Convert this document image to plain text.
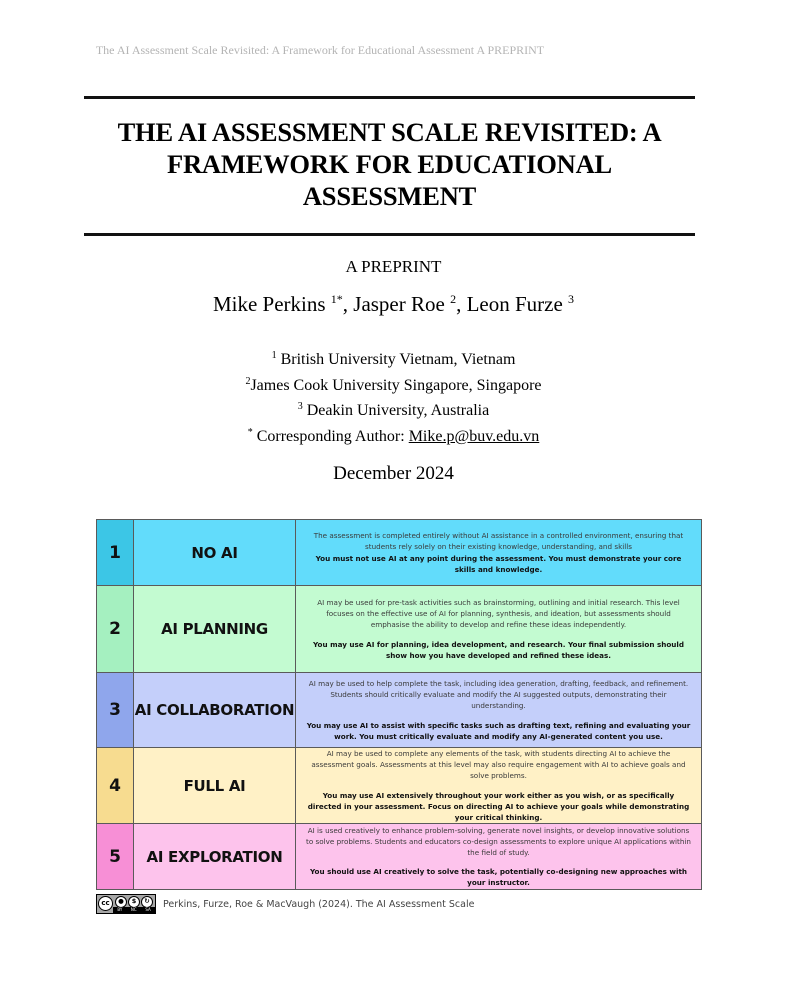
The AI Assessment Scale Revisited: A Framework for Educational Assessment A PREPRINT
THE AI ASSESSMENT SCALE REVISITED: A FRAMEWORK FOR EDUCATIONAL ASSESSMENT
A PREPRINT
Mike Perkins $^{1*}$, Jasper Roe $^2$, Leon Furze $^3$
$^1$ British University Vietnam, Vietnam
$^2$James Cook University Singapore, Singapore
$^3$ Deakin University, Australia
* Corresponding Author: Mike.p@buv.edu.vn
December 2024
1	NO AI	The assessment is completed entirely without AI assistance in a controlled environment, ensuring that students rely solely on their existing knowledge, understanding, and skills
You must not use AI at any point during the assessment. You must demonstrate your core skills and knowledge.

2	AI PLANNING	AI may be used for pre-task activities such as brainstorming, outlining and initial research. This level focuses on the effective use of AI for planning, synthesis, and ideation, but assessments should emphasise the ability to develop and refine these ideas independently.
You may use AI for planning, idea development, and research. Your final submission should show how you have developed and refined these ideas.

3	AI COLLABORATION	AI may be used to help complete the task, including idea generation, drafting, feedback, and refinement. Students should critically evaluate and modify the AI suggested outputs, demonstrating their understanding.
You may use AI to assist with specific tasks such as drafting text, refining and evaluating your work. You must critically evaluate and modify any AI-generated content you use.

4	FULL AI	AI may be used to complete any elements of the task, with students directing AI to achieve the assessment goals. Assessments at this level may also require engagement with AI to achieve goals and solve problems.
You may use AI extensively throughout your work either as you wish, or as specifically directed in your assessment. Focus on directing AI to achieve your goals while demonstrating your critical thinking.

5	AI EXPLORATION	AI is used creatively to enhance problem-solving, generate novel insights, or develop innovative solutions to solve problems. Students and educators co-design assessments to explore unique AI applications within the field of study.
You should use AI creatively to solve the task, potentially co-designing new approaches with your instructor.
cc	●	$	↻
BY NC SA Perkins, Furze, Roe & MacVaugh (2024). The AI Assessment Scale
